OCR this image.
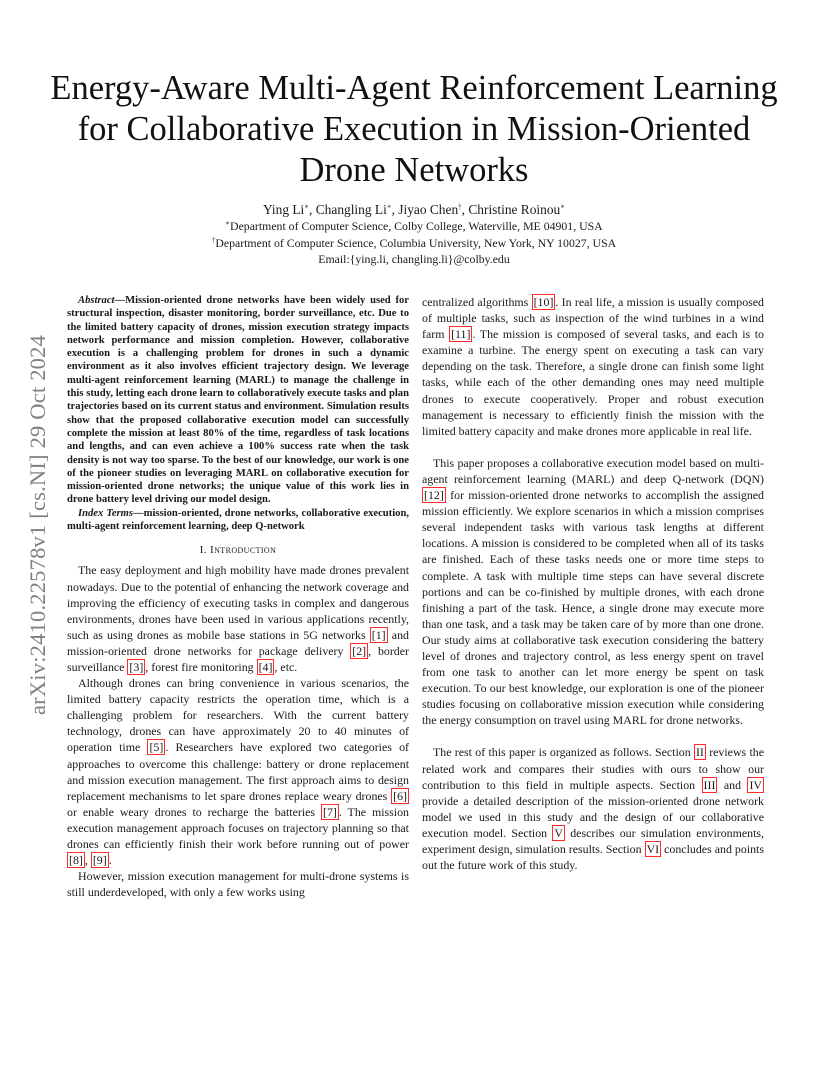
arXiv:2410.22578v1 [cs.NI] 29 Oct 2024
Energy-Aware Multi-Agent Reinforcement Learning for Collaborative Execution in Mission-Oriented Drone Networks
Ying Li∗, Changling Li∗, Jiyao Chen†, Christine Roinou∗
∗Department of Computer Science, Colby College, Waterville, ME 04901, USA
†Department of Computer Science, Columbia University, New York, NY 10027, USA
Email:{ying.li, changling.li}@colby.edu

Abstract—Mission-oriented drone networks have been widely used for structural inspection, disaster monitoring, border surveillance, etc. Due to the limited battery capacity of drones, mission execution strategy impacts network performance and mission completion. However, collaborative execution is a challenging problem for drones in such a dynamic environment as it also involves efficient trajectory design. We leverage multi-agent reinforcement learning (MARL) to manage the challenge in this study, letting each drone learn to collaboratively execute tasks and plan trajectories based on its current status and environment. Simulation results show that the proposed collaborative execution model can successfully complete the mission at least 80% of the time, regardless of task locations and lengths, and can even achieve a 100% success rate when the task density is not way too sparse. To the best of our knowledge, our work is one of the pioneer studies on leveraging MARL on collaborative execution for mission-oriented drone networks; the unique value of this work lies in drone battery level driving our model design.

Index Terms—mission-oriented, drone networks, collaborative execution, multi-agent reinforcement learning, deep Q-network

I. Introduction

The easy deployment and high mobility have made drones prevalent nowadays. Due to the potential of enhancing the network coverage and improving the efficiency of executing tasks in complex and dangerous environments, drones have been used in various applications recently, such as using drones as mobile base stations in 5G networks [1] and mission-oriented drone networks for package delivery [2] , border surveillance [3] , forest fire monitoring [4] , etc.

Although drones can bring convenience in various scenarios, the limited battery capacity restricts the operation time, which is a challenging problem for researchers. With the current battery technology, drones can have approximately 20 to 40 minutes of operation time [5] . Researchers have explored two categories of approaches to overcome this challenge: battery or drone replacement and mission execution management. The first approach aims to design replacement mechanisms to let spare drones replace weary drones [6] or enable weary drones to recharge the batteries [7] . The mission execution management approach focuses on trajectory planning so that drones can efficiently finish their work before running out of power [8] , [9] .

However, mission execution management for multi-drone systems is still underdeveloped, with only a few works using

centralized algorithms [10] . In real life, a mission is usually composed of multiple tasks, such as inspection of the wind turbines in a wind farm [11] . The mission is composed of several tasks, and each is to examine a turbine. The energy spent on executing a task can vary depending on the task. Therefore, a single drone can finish some light tasks, while each of the other demanding ones may need multiple drones to execute cooperatively. Proper and robust execution management is necessary to efficiently finish the mission with the limited battery capacity and make drones more applicable in real life.

This paper proposes a collaborative execution model based on multi-agent reinforcement learning (MARL) and deep Q-network (DQN) [12] for mission-oriented drone networks to accomplish the assigned mission efficiently. We explore scenarios in which a mission comprises several independent tasks with various task lengths at different locations. A mission is considered to be completed when all of its tasks are finished. Each of these tasks needs one or more time steps to complete. A task with multiple time steps can have several discrete portions and can be co-finished by multiple drones, with each drone finishing a part of the task. Hence, a single drone may execute more than one task, and a task may be taken care of by more than one drone. Our study aims at collaborative task execution considering the battery level of drones and trajectory control, as less energy spent on travel from one task to another can let more energy be spent on task execution. To our best knowledge, our exploration is one of the pioneer studies focusing on collaborative mission execution while considering the energy consumption on travel using MARL for drone networks.

The rest of this paper is organized as follows. Section II reviews the related work and compares their studies with ours to show our contribution to this field in multiple aspects. Section III and IV provide a detailed description of the mission-oriented drone network model we used in this study and the design of our collaborative execution model. Section V describes our simulation environments, experiment design, simulation results. Section VI concludes and points out the future work of this study.
